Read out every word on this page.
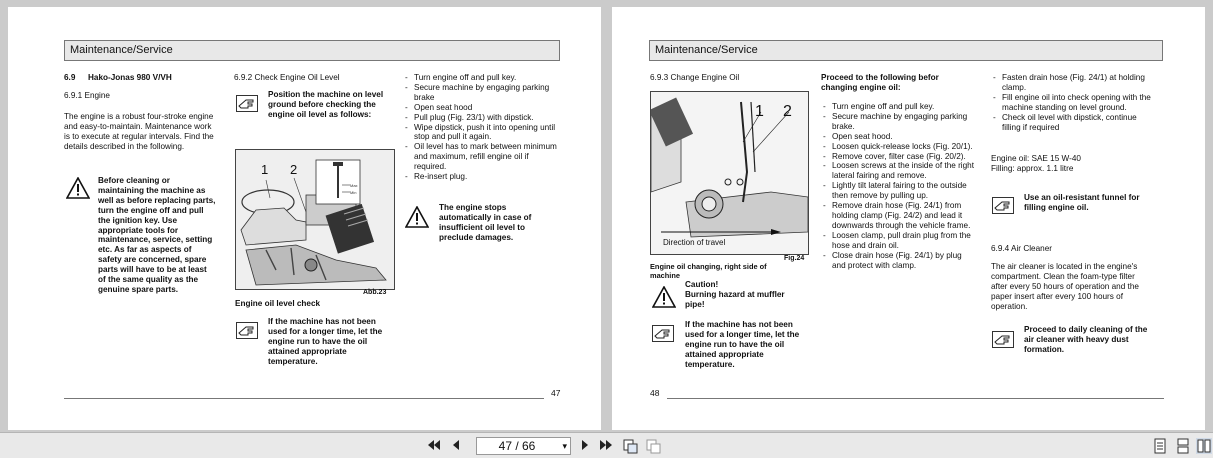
Maintenance/Service
6.9 Hako-Jonas 980 V/VH
6.9.1 Engine
The engine is a robust four-stroke engine and easy-to-maintain. Maintenance work is to execute at regular intervals. Find the details described in the following.
Before cleaning or maintaining the machine as well as before replacing parts, turn the engine off and pull the ignition key. Use appropriate tools for maintenance, service, setting etc. As far as aspects of safety are concerned, spare parts will have to be at least of the same quality as the genuine spare parts.
6.9.2 Check Engine Oil Level
Position the machine on level ground before checking the engine oil level as follows:
Max
Min
1 2
Abb.23
Engine oil level check
If the machine has not been used for a longer time, let the engine run to have the oil attained appropriate temperature.
- Turn engine off and pull key.
- Secure machine by engaging parking brake
- Open seat hood
- Pull plug (Fig. 23/1) with dipstick.
- Wipe dipstick, push it into opening until stop and pull it again.
- Oil level has to mark between minimum and maximum, refill engine oil if required.
- Re-insert plug.
The engine stops automatically in case of insufficient oil level to preclude damages.
47
Maintenance/Service
6.9.3 Change Engine Oil
1 2
Direction of travel
Fig.24
Engine oil changing, right side of machine
Caution!
Burning hazard at muffler pipe!
If the machine has not been used for a longer time, let the engine run to have the oil attained appropriate temperature.
Proceed to the following befor changing engine oil:
- Turn engine off and pull key.
- Secure machine by engaging parking brake.
- Open seat hood.
- Loosen quick-release locks (Fig. 20/1).
- Remove cover, filter case (Fig. 20/2).
- Loosen screws at the inside of the right lateral fairing and remove.
- Lightly tilt lateral fairing to the outside then remove by pulling up.
- Remove drain hose (Fig. 24/1) from holding clamp (Fig. 24/2) and lead it downwards through the vehicle frame.
- Loosen clamp, pull drain plug from the hose and drain oil.
- Close drain hose (Fig. 24/1) by plug and protect with clamp.
- Fasten drain hose (Fig. 24/1) at holding clamp.
- Fill engine oil into check opening with the machine standing on level ground.
- Check oil level with dipstick, continue filling if required
Engine oil: SAE 15 W-40
Filling: approx. 1.1 litre
Use an oil-resistant funnel for filling engine oil.
6.9.4 Air Cleaner
The air cleaner is located in the engine's compartment. Clean the foam-type filter after every 50 hours of operation and the paper insert after every 100 hours of operation.
Proceed to daily cleaning of the air cleaner with heavy dust formation.
48
47 / 66	▾
